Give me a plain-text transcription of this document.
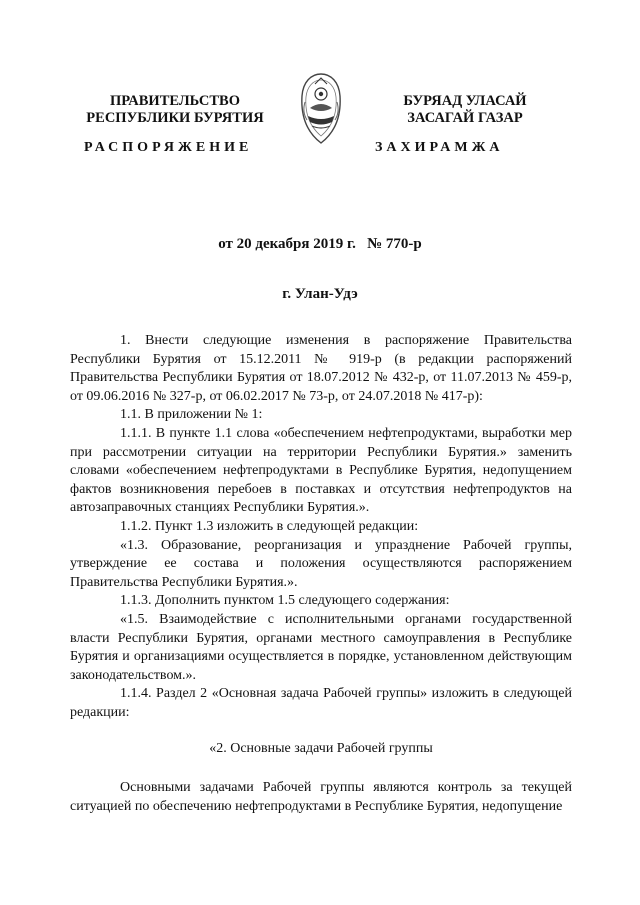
ПРАВИТЕЛЬСТВО
РЕСПУБЛИКИ БУРЯТИЯ
БУРЯАД УЛАСАЙ
ЗАСАГАЙ ГАЗАР
РАСПОРЯЖЕНИЕ	ЗАХИРАМЖА
от 20 декабря 2019 г.   № 770-р
г. Улан-Удэ

1. Внести следующие изменения в распоряжение Правительства Республики Бурятия от 15.12.2011 № 919-р (в редакции распоряжений Правительства Республики Бурятия от 18.07.2012 № 432-р, от 11.07.2013 № 459-р, от 09.06.2016 № 327-р, от 06.02.2017 № 73-р, от 24.07.2018 № 417-р):

1.1. В приложении № 1:

1.1.1. В пункте 1.1 слова «обеспечением нефтепродуктами, выработки мер при рассмотрении ситуации на территории Республики Бурятия.» заменить словами «обеспечением нефтепродуктами в Республике Бурятия, недопущением фактов возникновения перебоев в поставках и отсутствия нефтепродуктов на автозаправочных станциях Республики Бурятия.».

1.1.2. Пункт 1.3 изложить в следующей редакции:

«1.3. Образование, реорганизация и упразднение Рабочей группы, утверждение ее состава и положения осуществляются распоряжением Правительства Республики Бурятия.».

1.1.3. Дополнить пунктом 1.5 следующего содержания:

«1.5. Взаимодействие с исполнительными органами государственной власти Республики Бурятия, органами местного самоуправления в Республике Бурятия и организациями осуществляется в порядке, установленном действующим законодательством.».

1.1.4. Раздел 2 «Основная задача Рабочей группы» изложить в следующей редакции:

«2. Основные задачи Рабочей группы

Основными задачами Рабочей группы являются контроль за текущей ситуацией по обеспечению нефтепродуктами в Республике Бурятия, недопущение
